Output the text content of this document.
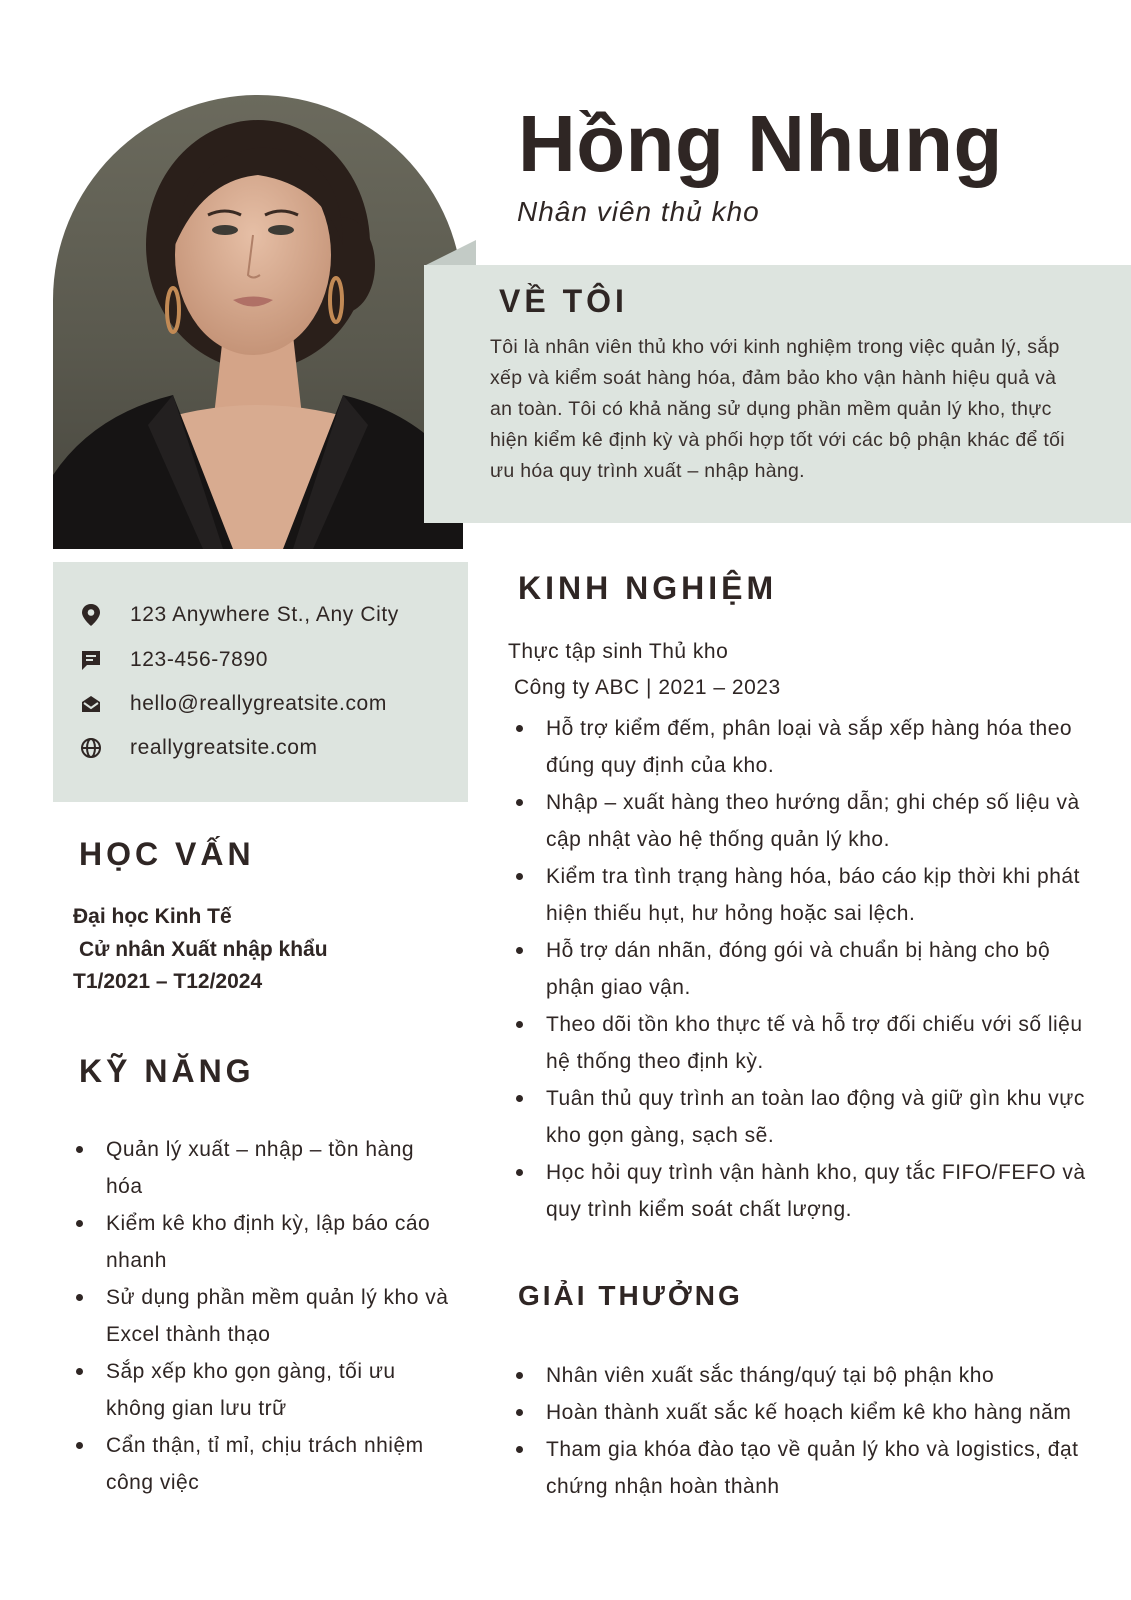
Hồng Nhung
Nhân viên thủ kho
VỀ TÔI
Tôi là nhân viên thủ kho với kinh nghiệm trong việc quản lý, sắp xếp và kiểm soát hàng hóa, đảm bảo kho vận hành hiệu quả và an toàn. Tôi có khả năng sử dụng phần mềm quản lý kho, thực hiện kiểm kê định kỳ và phối hợp tốt với các bộ phận khác để tối ưu hóa quy trình xuất – nhập hàng.
123 Anywhere St., Any City
123-456-7890
hello@reallygreatsite.com
reallygreatsite.com
HỌC VẤN
Đại học Kinh Tế
Cử nhân Xuất nhập khẩu
T1/2021 – T12/2024
KỸ NĂNG
Quản lý xuất – nhập – tồn hàng hóa
Kiểm kê kho định kỳ, lập báo cáo nhanh
Sử dụng phần mềm quản lý kho và Excel thành thạo
Sắp xếp kho gọn gàng, tối ưu không gian lưu trữ
Cẩn thận, tỉ mỉ, chịu trách nhiệm công việc
KINH NGHIỆM
Thực tập sinh Thủ kho
Công ty ABC | 2021 – 2023
Hỗ trợ kiểm đếm, phân loại và sắp xếp hàng hóa theo đúng quy định của kho.
Nhập – xuất hàng theo hướng dẫn; ghi chép số liệu và cập nhật vào hệ thống quản lý kho.
Kiểm tra tình trạng hàng hóa, báo cáo kịp thời khi phát hiện thiếu hụt, hư hỏng hoặc sai lệch.
Hỗ trợ dán nhãn, đóng gói và chuẩn bị hàng cho bộ phận giao vận.
Theo dõi tồn kho thực tế và hỗ trợ đối chiếu với số liệu hệ thống theo định kỳ.
Tuân thủ quy trình an toàn lao động và giữ gìn khu vực kho gọn gàng, sạch sẽ.
Học hỏi quy trình vận hành kho, quy tắc FIFO/FEFO và quy trình kiểm soát chất lượng.
GIẢI THƯỞNG
Nhân viên xuất sắc tháng/quý tại bộ phận kho
Hoàn thành xuất sắc kế hoạch kiểm kê kho hàng năm
Tham gia khóa đào tạo về quản lý kho và logistics, đạt chứng nhận hoàn thành
